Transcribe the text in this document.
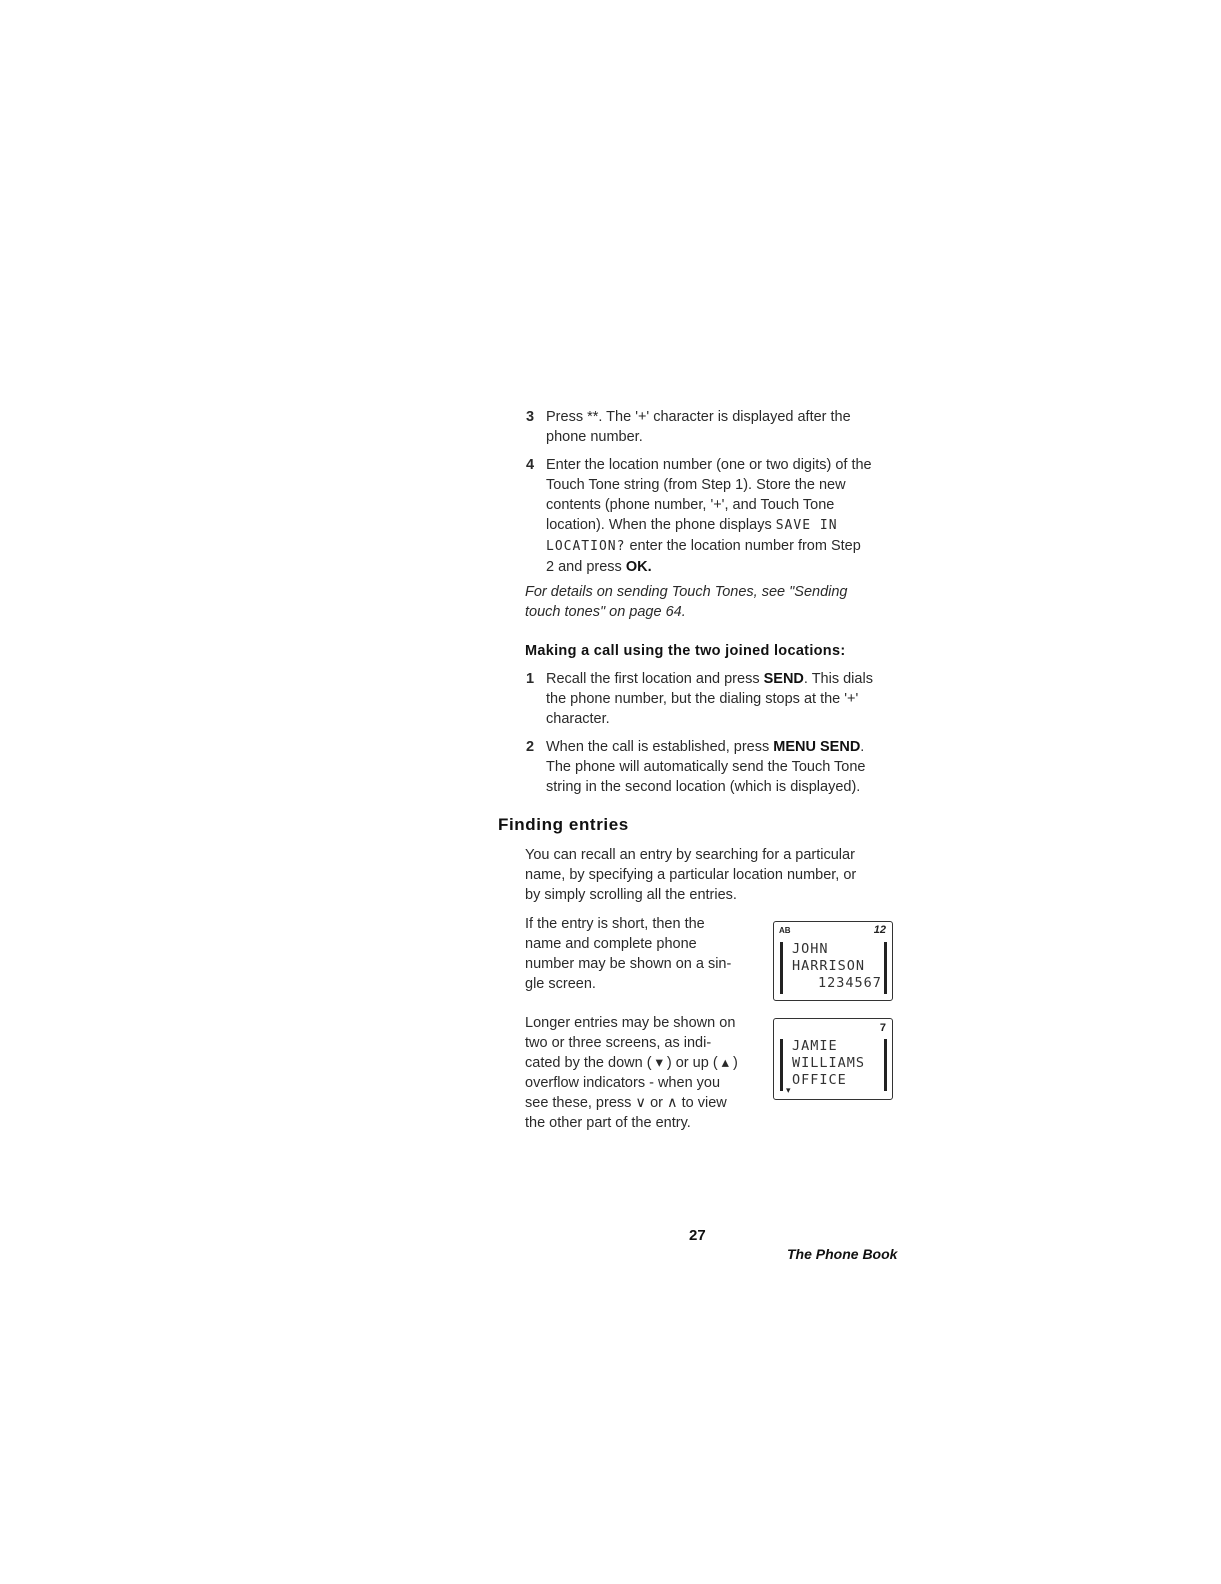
3 Press **. The '+' character is displayed after the
phone number.
4 Enter the location number (one or two digits) of the
Touch Tone string (from Step 1). Store the new
contents (phone number, '+', and Touch Tone
location). When the phone displays SAVE IN
LOCATION? enter the location number from Step
2 and press OK.
For details on sending Touch Tones, see "Sending
touch tones" on page 64.
Making a call using the two joined locations:
1 Recall the first location and press SEND. This dials
the phone number, but the dialing stops at the '+'
character.
2 When the call is established, press MENU SEND.
The phone will automatically send the Touch Tone
string in the second location (which is displayed).
Finding entries
You can recall an entry by searching for a particular
name, by specifying a particular location number, or
by simply scrolling all the entries.
If the entry is short, then the
name and complete phone
number may be shown on a sin-
gle screen.
AB	12
JOHN
HARRISON
1234567
Longer entries may be shown on
two or three screens, as indi-
cated by the down ( ▾ ) or up ( ▴ )
overflow indicators - when you
see these, press ∨ or ∧ to view
the other part of the entry.
7
▾
JAMIE
WILLIAMS
OFFICE
27
The Phone Book
